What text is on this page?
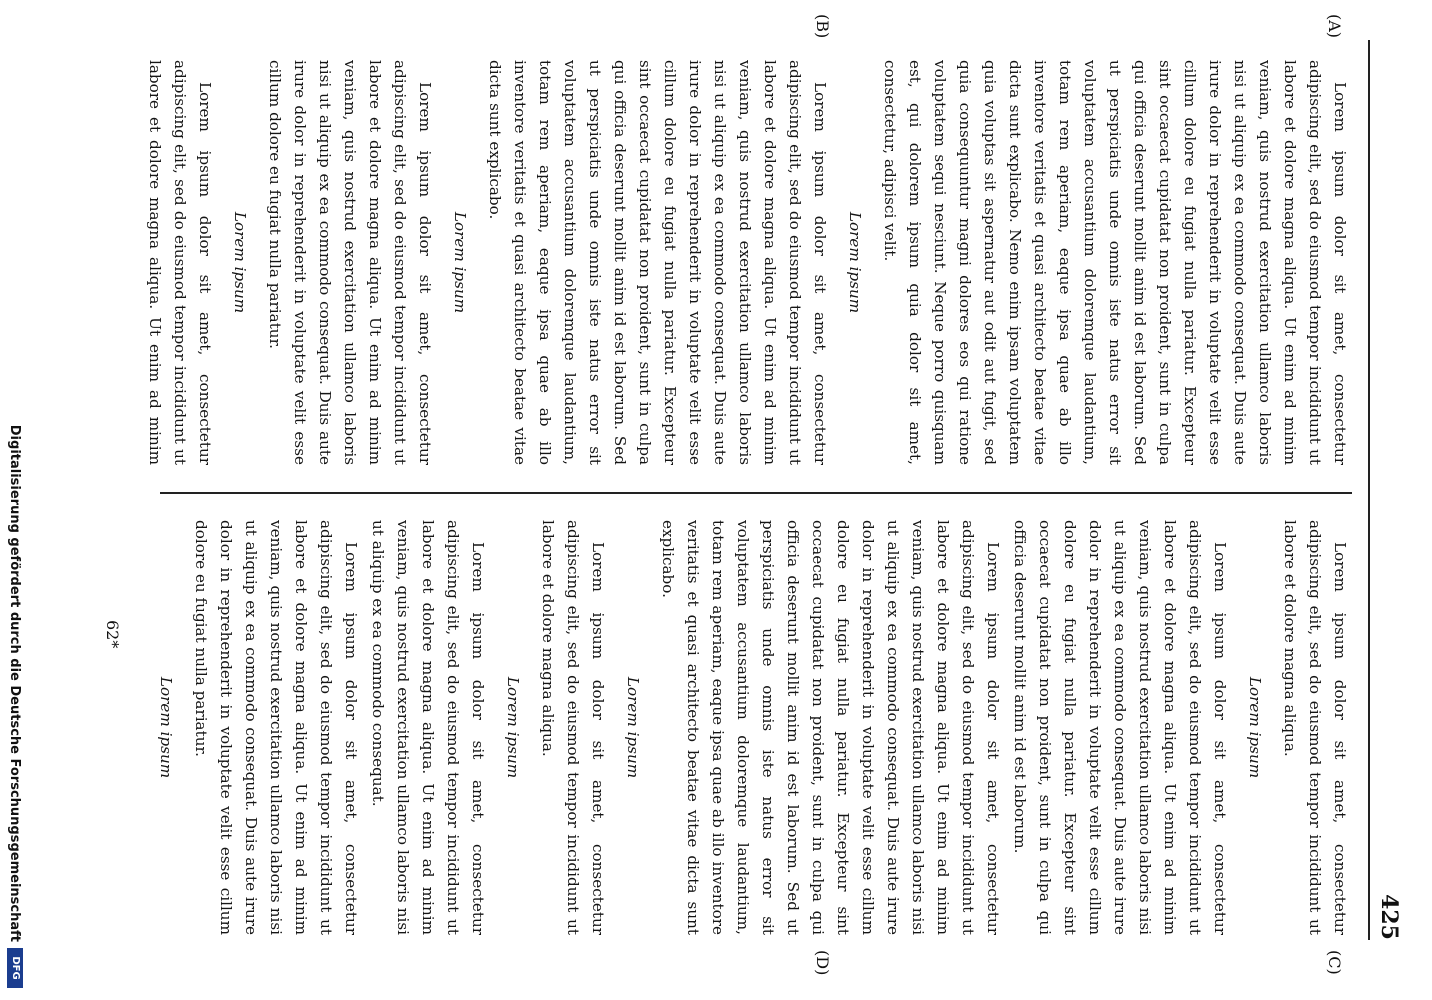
425
(A)
(B)
(C)
(D)

Lorem ipsum dolor sit amet, consectetur adipiscing elit, sed do eiusmod tempor incididunt ut labore et dolore magna aliqua. Ut enim ad minim veniam, quis nostrud exercitation ullamco laboris nisi ut aliquip ex ea commodo consequat. Duis aute irure dolor in reprehenderit in voluptate velit esse cillum dolore eu fugiat nulla pariatur. Excepteur sint occaecat cupidatat non proident, sunt in culpa qui officia deserunt mollit anim id est laborum. Sed ut perspiciatis unde omnis iste natus error sit voluptatem accusantium doloremque laudantium, totam rem aperiam, eaque ipsa quae ab illo inventore veritatis et quasi architecto beatae vitae dicta sunt explicabo. Nemo enim ipsam voluptatem quia voluptas sit aspernatur aut odit aut fugit, sed quia consequuntur magni dolores eos qui ratione voluptatem sequi nesciunt. Neque porro quisquam est, qui dolorem ipsum quia dolor sit amet, consectetur, adipisci velit.

Lorem ipsum

Lorem ipsum dolor sit amet, consectetur adipiscing elit, sed do eiusmod tempor incididunt ut labore et dolore magna aliqua. Ut enim ad minim veniam, quis nostrud exercitation ullamco laboris nisi ut aliquip ex ea commodo consequat. Duis aute irure dolor in reprehenderit in voluptate velit esse cillum dolore eu fugiat nulla pariatur. Excepteur sint occaecat cupidatat non proident, sunt in culpa qui officia deserunt mollit anim id est laborum. Sed ut perspiciatis unde omnis iste natus error sit voluptatem accusantium doloremque laudantium, totam rem aperiam, eaque ipsa quae ab illo inventore veritatis et quasi architecto beatae vitae dicta sunt explicabo.

Lorem ipsum

Lorem ipsum dolor sit amet, consectetur adipiscing elit, sed do eiusmod tempor incididunt ut labore et dolore magna aliqua. Ut enim ad minim veniam, quis nostrud exercitation ullamco laboris nisi ut aliquip ex ea commodo consequat. Duis aute irure dolor in reprehenderit in voluptate velit esse cillum dolore eu fugiat nulla pariatur.

Lorem ipsum

Lorem ipsum dolor sit amet, consectetur adipiscing elit, sed do eiusmod tempor incididunt ut labore et dolore magna aliqua. Ut enim ad minim

Lorem ipsum dolor sit amet, consectetur adipiscing elit, sed do eiusmod tempor incididunt ut labore et dolore magna aliqua.

Lorem ipsum

Lorem ipsum dolor sit amet, consectetur adipiscing elit, sed do eiusmod tempor incididunt ut labore et dolore magna aliqua. Ut enim ad minim veniam, quis nostrud exercitation ullamco laboris nisi ut aliquip ex ea commodo consequat. Duis aute irure dolor in reprehenderit in voluptate velit esse cillum dolore eu fugiat nulla pariatur. Excepteur sint occaecat cupidatat non proident, sunt in culpa qui officia deserunt mollit anim id est laborum.

Lorem ipsum dolor sit amet, consectetur adipiscing elit, sed do eiusmod tempor incididunt ut labore et dolore magna aliqua. Ut enim ad minim veniam, quis nostrud exercitation ullamco laboris nisi ut aliquip ex ea commodo consequat. Duis aute irure dolor in reprehenderit in voluptate velit esse cillum dolore eu fugiat nulla pariatur. Excepteur sint occaecat cupidatat non proident, sunt in culpa qui officia deserunt mollit anim id est laborum. Sed ut perspiciatis unde omnis iste natus error sit voluptatem accusantium doloremque laudantium, totam rem aperiam, eaque ipsa quae ab illo inventore veritatis et quasi architecto beatae vitae dicta sunt explicabo.

Lorem ipsum

Lorem ipsum dolor sit amet, consectetur adipiscing elit, sed do eiusmod tempor incididunt ut labore et dolore magna aliqua.

Lorem ipsum

Lorem ipsum dolor sit amet, consectetur adipiscing elit, sed do eiusmod tempor incididunt ut labore et dolore magna aliqua. Ut enim ad minim veniam, quis nostrud exercitation ullamco laboris nisi ut aliquip ex ea commodo consequat.

Lorem ipsum dolor sit amet, consectetur adipiscing elit, sed do eiusmod tempor incididunt ut labore et dolore magna aliqua. Ut enim ad minim veniam, quis nostrud exercitation ullamco laboris nisi ut aliquip ex ea commodo consequat. Duis aute irure dolor in reprehenderit in voluptate velit esse cillum dolore eu fugiat nulla pariatur.

Lorem ipsum

62*
Digitalisierung gefördert durch die Deutsche Forschungsgemeinschaft
DFG
